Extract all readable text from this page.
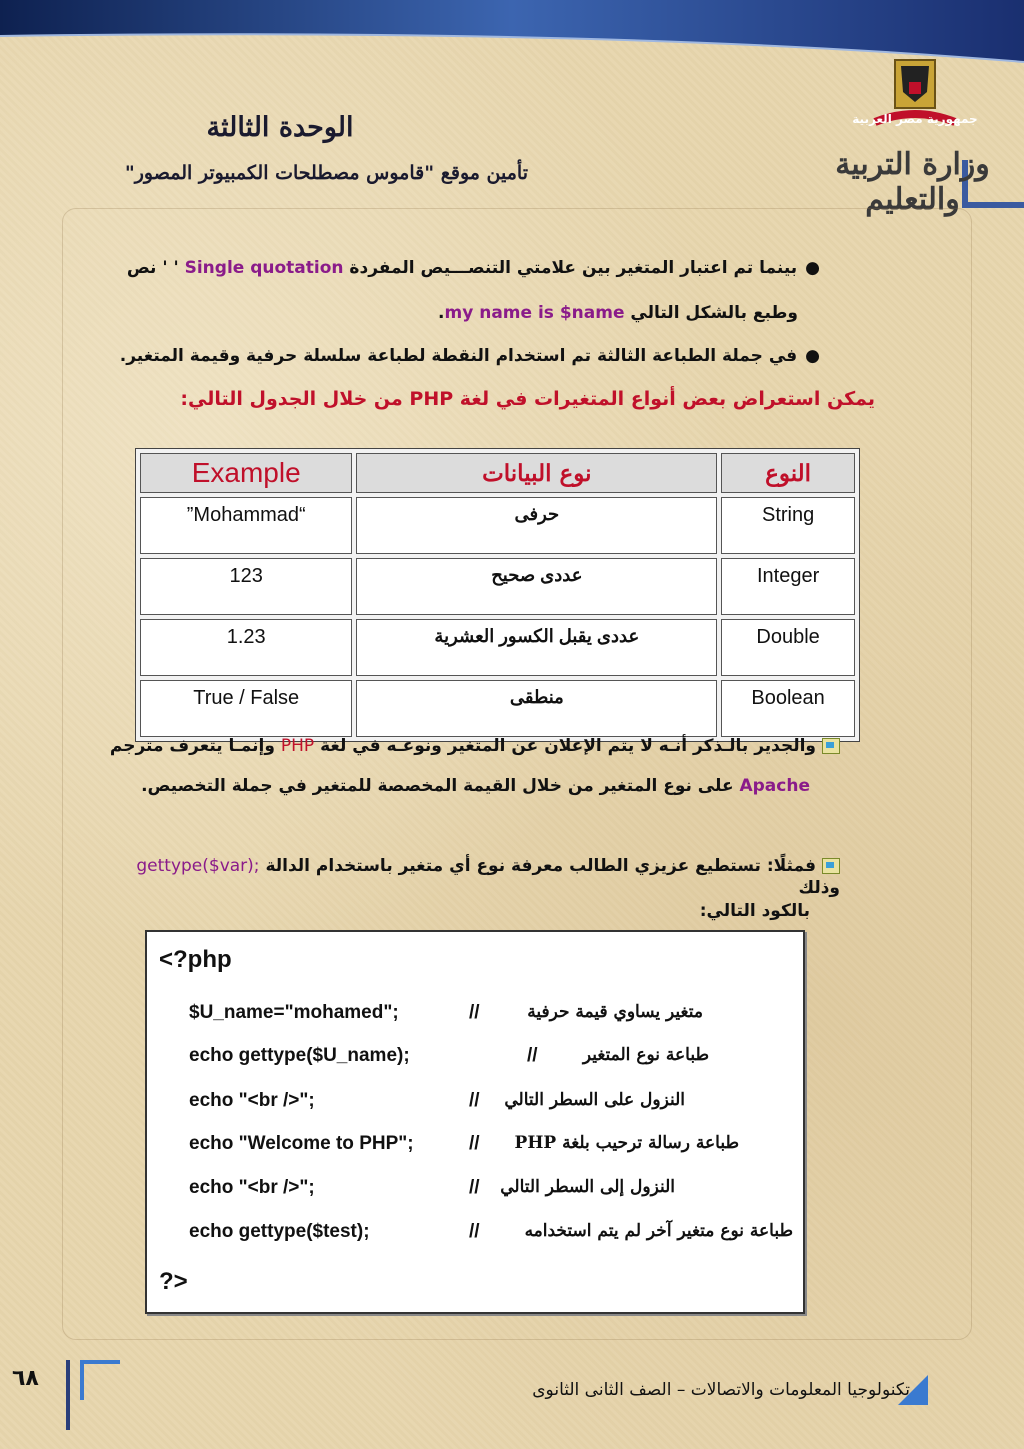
الوحدة الثالثة
تأمين موقع "قاموس مصطلحات الكمبيوتر المصور"
جمهورية مصر العربية
وزارة التربية والتعليم
●بينما تم اعتبار المتغير بين علامتي التنصـــيص المفردة Single quotation ' ' نص
وطبع بالشكل التالي my name is $name.
●في جملة الطباعة الثالثة تم استخدام النقطة لطباعة سلسلة حرفية وقيمة المتغير.
يمكن استعراض بعض أنواع المتغيرات في لغة PHP من خلال الجدول التالي:
Example	نوع البيانات	النوع
”Mohammad“	حرفى	String
123	عددى صحيح	Integer
1.23	عددى يقبل الكسور العشرية	Double
True / False	منطقى	Boolean
والجدير بالـذكر أنـه لا يتم الإعلان عن المتغير ونوعـه في لغة PHP وإنمـا يتعرف مترجم
Apache على نوع المتغير من خلال القيمة المخصصة للمتغير في جملة التخصيص.
فمثلًا: تستطيع عزيزي الطالب معرفة نوع أي متغير باستخدام الدالة gettype($var); وذلك
بالكود التالي:
<?php
$U_name="mohamed";	//	متغير يساوي قيمة حرفية
echo gettype($U_name);	//	طباعة نوع المتغير
echo "<br />";	// النزول على السطر التالي
echo "Welcome to PHP";	// طباعة رسالة ترحيب بلغة PHP
echo "<br />";	// النزول إلى السطر التالي
echo gettype($test);	//	طباعة نوع متغير آخر لم يتم استخدامه
?>
تكنولوجيا المعلومات والاتصالات – الصف الثانى الثانوى
٦٨
